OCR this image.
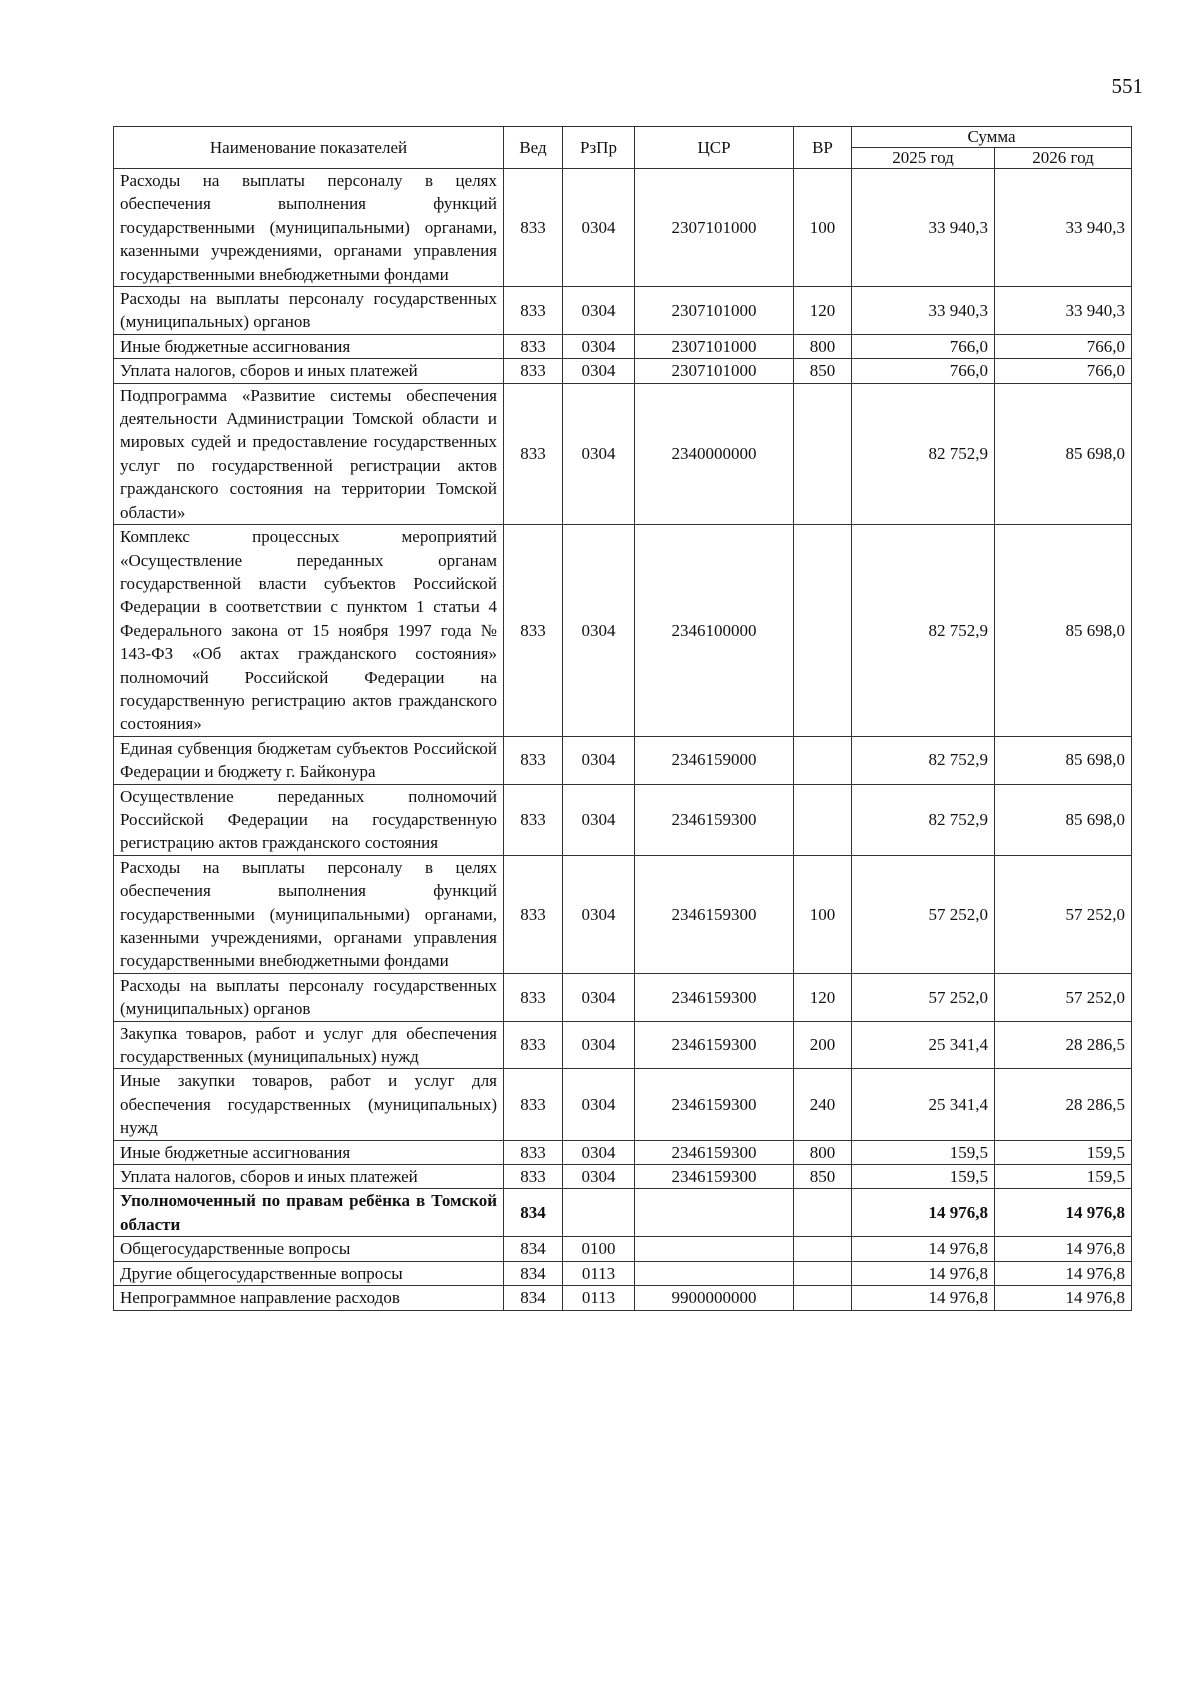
551
Наименование показателей	Вед	РзПр	ЦСР	ВР	Сумма	
					2025 год	2026 год
Расходы на выплаты персоналу в целях обеспечения выполнения функций государственными (муниципальными) органами, казенными учреждениями, органами управления государственными внебюджетными фондами	833	0304	2307101000	100	33 940,3	33 940,3
Расходы на выплаты персоналу государственных (муниципальных) органов	833	0304	2307101000	120	33 940,3	33 940,3
Иные бюджетные ассигнования	833	0304	2307101000	800	766,0	766,0
Уплата налогов, сборов и иных платежей	833	0304	2307101000	850	766,0	766,0
Подпрограмма «Развитие системы обеспечения деятельности Администрации Томской области и мировых судей и предоставление государственных услуг по государственной регистрации актов гражданского состояния на территории Томской области»	833	0304	2340000000		82 752,9	85 698,0
Комплекс процессных мероприятий «Осуществление переданных органам государственной власти субъектов Российской Федерации в соответствии с пунктом 1 статьи 4 Федерального закона от 15 ноября 1997 года № 143-ФЗ «Об актах гражданского состояния» полномочий Российской Федерации на государственную регистрацию актов гражданского состояния»	833	0304	2346100000		82 752,9	85 698,0
Единая субвенция бюджетам субъектов Российской Федерации и бюджету г. Байконура	833	0304	2346159000		82 752,9	85 698,0
Осуществление переданных полномочий Российской Федерации на государственную регистрацию актов гражданского состояния	833	0304	2346159300		82 752,9	85 698,0
Расходы на выплаты персоналу в целях обеспечения выполнения функций государственными (муниципальными) органами, казенными учреждениями, органами управления государственными внебюджетными фондами	833	0304	2346159300	100	57 252,0	57 252,0
Расходы на выплаты персоналу государственных (муниципальных) органов	833	0304	2346159300	120	57 252,0	57 252,0
Закупка товаров, работ и услуг для обеспечения государственных (муниципальных) нужд	833	0304	2346159300	200	25 341,4	28 286,5
Иные закупки товаров, работ и услуг для обеспечения государственных (муниципальных) нужд	833	0304	2346159300	240	25 341,4	28 286,5
Иные бюджетные ассигнования	833	0304	2346159300	800	159,5	159,5
Уплата налогов, сборов и иных платежей	833	0304	2346159300	850	159,5	159,5
Уполномоченный по правам ребёнка в Томской области	834				14 976,8	14 976,8
Общегосударственные вопросы	834	0100			14 976,8	14 976,8
Другие общегосударственные вопросы	834	0113			14 976,8	14 976,8
Непрограммное направление расходов	834	0113	9900000000		14 976,8	14 976,8
